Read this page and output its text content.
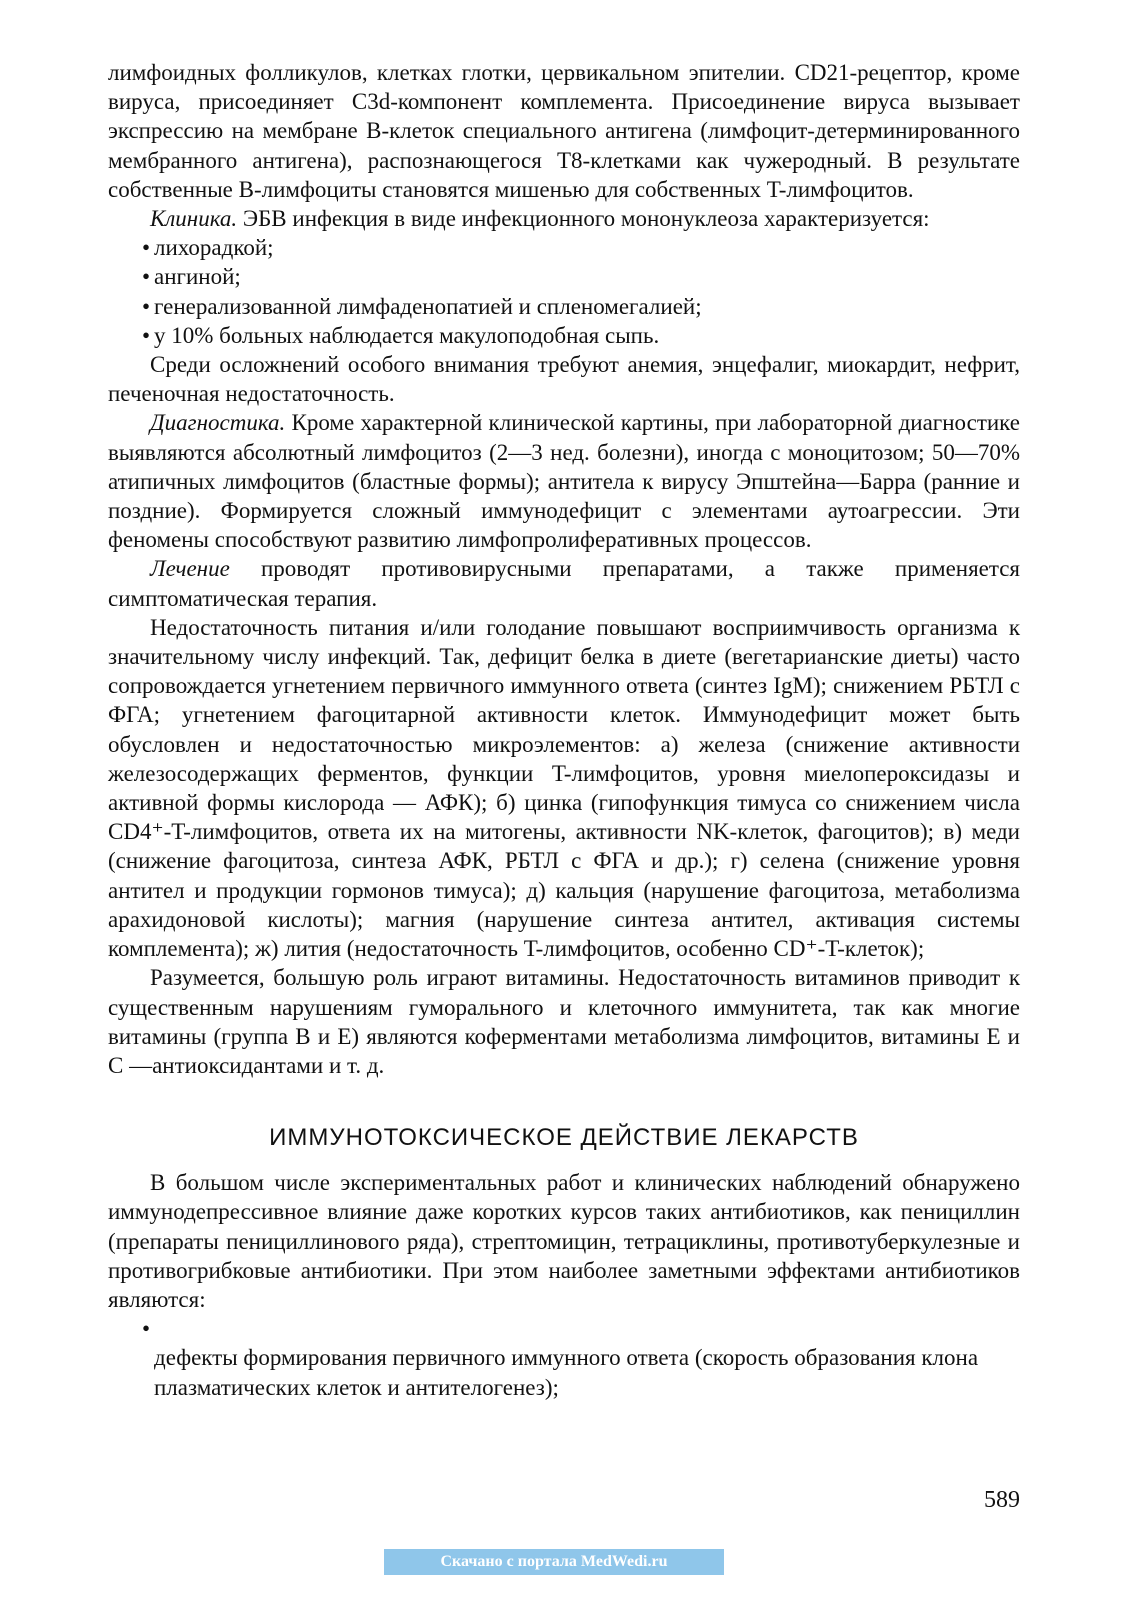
лимфоидных фолликулов, клетках глотки, цервикальном эпителии. CD21-рецептор, кроме вируса, присоединяет C3d-компонент комплемента. Присоединение вируса вызывает экспрессию на мембране B-клеток специального антигена (лимфоцит-детерминированного мембранного антигена), распознающегося T8-клетками как чужеродный. В результате собственные B-лимфоциты становятся мишенью для собственных T-лимфоцитов.

Клиника. ЭБВ инфекция в виде инфекционного мононуклеоза характеризуется:

лихорадкой;
ангиной;
генерализованной лимфаденопатией и спленомегалией;
у 10% больных наблюдается макулоподобная сыпь.

Среди осложнений особого внимания требуют анемия, энцефалиг, миокардит, нефрит, печеночная недостаточность.

Диагностика. Кроме характерной клинической картины, при лабораторной диагностике выявляются абсолютный лимфоцитоз (2—3 нед. болезни), иногда с моноцитозом; 50—70% атипичных лимфоцитов (бластные формы); антитела к вирусу Эпштейна—Барра (ранние и поздние). Формируется сложный иммунодефицит с элементами аутоагрессии. Эти феномены способствуют развитию лимфопролиферативных процессов.

Лечение проводят противовирусными препаратами, а также применяется симптоматическая терапия.

Недостаточность питания и/или голодание повышают восприимчивость организма к значительному числу инфекций. Так, дефицит белка в диете (вегетарианские диеты) часто сопровождается угнетением первичного иммунного ответа (синтез IgM); снижением РБТЛ с ФГА; угнетением фагоцитарной активности клеток. Иммунодефицит может быть обусловлен и недостаточностью микроэлементов: а) железа (снижение активности железосодержащих ферментов, функции T-лимфоцитов, уровня миелопероксидазы и активной формы кислорода — АФК); б) цинка (гипофункция тимуса со снижением числа CD4⁺-T-лимфоцитов, ответа их на митогены, активности NK-клеток, фагоцитов); в) меди (снижение фагоцитоза, синтеза АФК, РБТЛ с ФГА и др.); г) селена (снижение уровня антител и продукции гормонов тимуса); д) кальция (нарушение фагоцитоза, метаболизма арахидоновой кислоты); магния (нарушение синтеза антител, активация системы комплемента); ж) лития (недостаточность T-лимфоцитов, особенно CD⁺-T-клеток);

Разумеется, большую роль играют витамины. Недостаточность витаминов приводит к существенным нарушениям гуморального и клеточного иммунитета, так как многие витамины (группа B и E) являются коферментами метаболизма лимфоцитов, витамины E и C —антиоксидантами и т. д.

ИММУНОТОКСИЧЕСКОЕ ДЕЙСТВИЕ ЛЕКАРСТВ

В большом числе экспериментальных работ и клинических наблюдений обнаружено иммунодепрессивное влияние даже коротких курсов таких антибиотиков, как пенициллин (препараты пенициллинового ряда), стрептомицин, тетрациклины, противотуберкулезные и противогрибковые антибиотики. При этом наиболее заметными эффектами антибиотиков являются:

дефекты формирования первичного иммунного ответа (скорость образования клона плазматических клеток и антителогенез);
589
Скачано с портала MedWedi.ru
